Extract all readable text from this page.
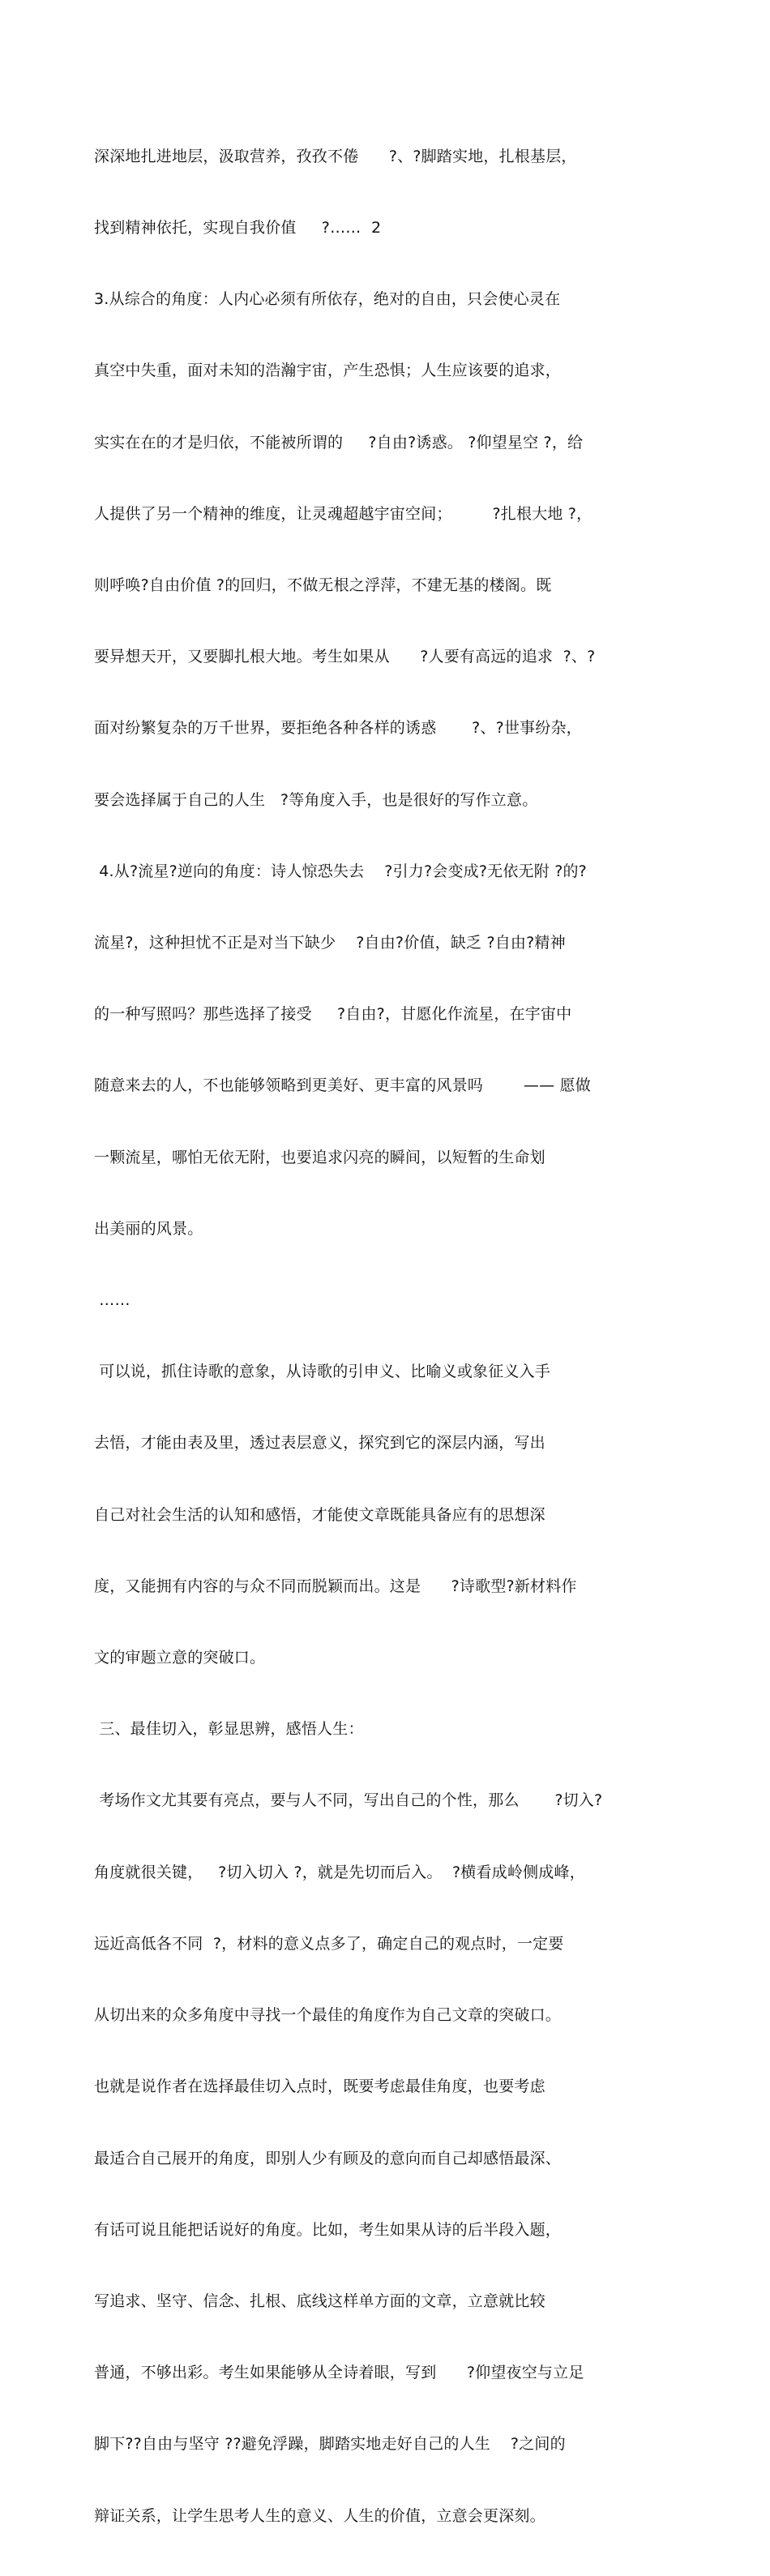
深深地扎进地层，汲取营养，孜孜不倦      ?、?脚踏实地，扎根基层，

找到精神依托，实现自我价值     ?……  2

3.从综合的角度：人内心必须有所依存，绝对的自由，只会使心灵在

真空中失重，面对未知的浩瀚宇宙，产生恐惧；人生应该要的追求，

实实在在的才是归依，不能被所谓的     ?自由?诱惑。 ?仰望星空 ?，给

人提供了另一个精神的维度，让灵魂超越宇宙空间；        ?扎根大地 ?，

则呼唤?自由价值 ?的回归，不做无根之浮萍，不建无基的楼阁。既

要异想天开，又要脚扎根大地。考生如果从      ?人要有高远的追求  ?、?

面对纷繁复杂的万千世界，要拒绝各种各样的诱惑       ?、?世事纷杂，

要会选择属于自己的人生   ?等角度入手，也是很好的写作立意。

4.从?流星?逆向的角度：诗人惊恐失去    ?引力?会变成?无依无附 ?的?

流星?，这种担忧不正是对当下缺少    ?自由?价值，缺乏 ?自由?精神

的一种写照吗？那些选择了接受     ?自由?，甘愿化作流星，在宇宙中

随意来去的人，不也能够领略到更美好、更丰富的风景吗        —— 愿做

一颗流星，哪怕无依无附，也要追求闪亮的瞬间，以短暂的生命划

出美丽的风景。

……

可以说，抓住诗歌的意象，从诗歌的引申义、比喻义或象征义入手

去悟，才能由表及里，透过表层意义，探究到它的深层内涵，写出

自己对社会生活的认知和感悟，才能使文章既能具备应有的思想深

度，又能拥有内容的与众不同而脱颖而出。这是      ?诗歌型?新材料作

文的审题立意的突破口。

三、最佳切入，彰显思辨，感悟人生：

考场作文尤其要有亮点，要与人不同，写出自己的个性，那么       ?切入?

角度就很关键，   ?切入切入 ?，就是先切而后入。  ?横看成岭侧成峰，

远近高低各不同  ?，材料的意义点多了，确定自己的观点时，一定要

从切出来的众多角度中寻找一个最佳的角度作为自己文章的突破口。

也就是说作者在选择最佳切入点时，既要考虑最佳角度，也要考虑

最适合自己展开的角度，即别人少有顾及的意向而自己却感悟最深、

有话可说且能把话说好的角度。比如，考生如果从诗的后半段入题，

写追求、坚守、信念、扎根、底线这样单方面的文章，立意就比较

普通，不够出彩。考生如果能够从全诗着眼，写到      ?仰望夜空与立足

脚下??自由与坚守 ??避免浮躁，脚踏实地走好自己的人生    ?之间的

辩证关系，让学生思考人生的意义、人生的价值，立意会更深刻。
